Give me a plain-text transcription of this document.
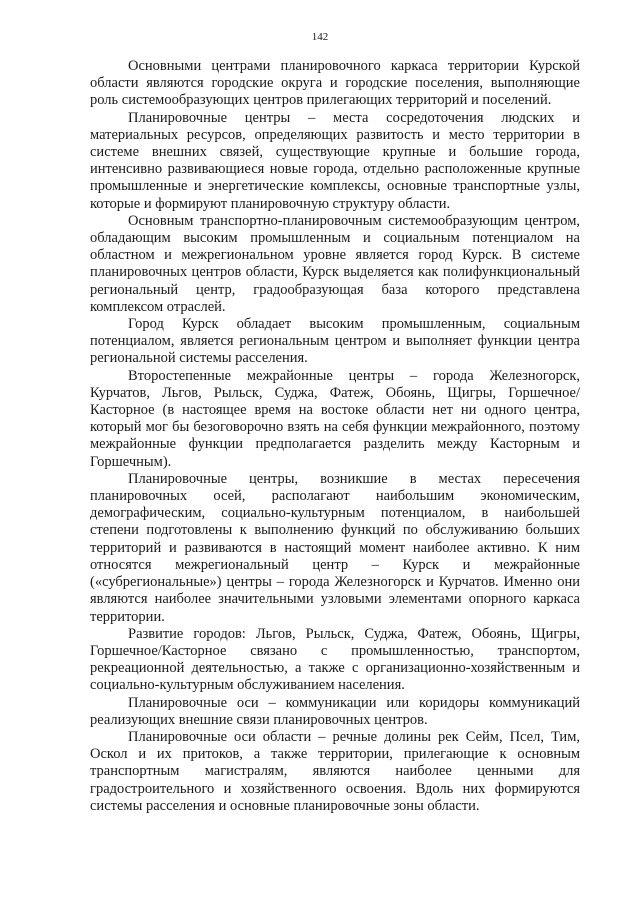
142

Основными центрами планировочного каркаса территории Курской области являются городские округа и городские поселения, выполняющие роль системообразующих центров прилегающих территорий и поселений.

Планировочные центры – места сосредоточения людских и материальных ресурсов, определяющих развитость и место территории в системе внешних связей, существующие крупные и большие города, интенсивно развивающиеся новые города, отдельно расположенные крупные промышленные и энергетические комплексы, основные транспортные узлы, которые и формируют планировочную структуру области.

Основным транспортно-планировочным системообразующим центром, обладающим высоким промышленным и социальным потенциалом на областном и межрегиональном уровне является город Курск. В системе планировочных центров области, Курск выделяется как полифункциональный региональный центр, градообразующая база которого представлена комплексом отраслей.

Город Курск обладает высоким промышленным, социальным потенциалом, является региональным центром и выполняет функции центра региональной системы расселения.

Второстепенные межрайонные центры – города Железногорск, Курчатов, Льгов, Рыльск, Суджа, Фатеж, Обоянь, Щигры, Горшечное/Касторное (в настоящее время на востоке области нет ни одного центра, который мог бы безоговорочно взять на себя функции межрайонного, поэтому межрайонные функции предполагается разделить между Касторным и Горшечным).

Планировочные центры, возникшие в местах пересечения планировочных осей, располагают наибольшим экономическим, демографическим, социально-культурным потенциалом, в наибольшей степени подготовлены к выполнению функций по обслуживанию больших территорий и развиваются в настоящий момент наиболее активно. К ним относятся межрегиональный центр – Курск и межрайонные («субрегиональные») центры – города Железногорск и Курчатов. Именно они являются наиболее значительными узловыми элементами опорного каркаса территории.

Развитие городов: Льгов, Рыльск, Суджа, Фатеж, Обоянь, Щигры, Горшечное/Касторное связано с промышленностью, транспортом, рекреационной деятельностью, а также с организационно-хозяйственным и социально-культурным обслуживанием населения.

Планировочные оси – коммуникации или коридоры коммуникаций реализующих внешние связи планировочных центров.

Планировочные оси области – речные долины рек Сейм, Псел, Тим, Оскол и их притоков, а также территории, прилегающие к основным транспортным магистралям, являются наиболее ценными для градостроительного и хозяйственного освоения. Вдоль них формируются системы расселения и основные планировочные зоны области.
